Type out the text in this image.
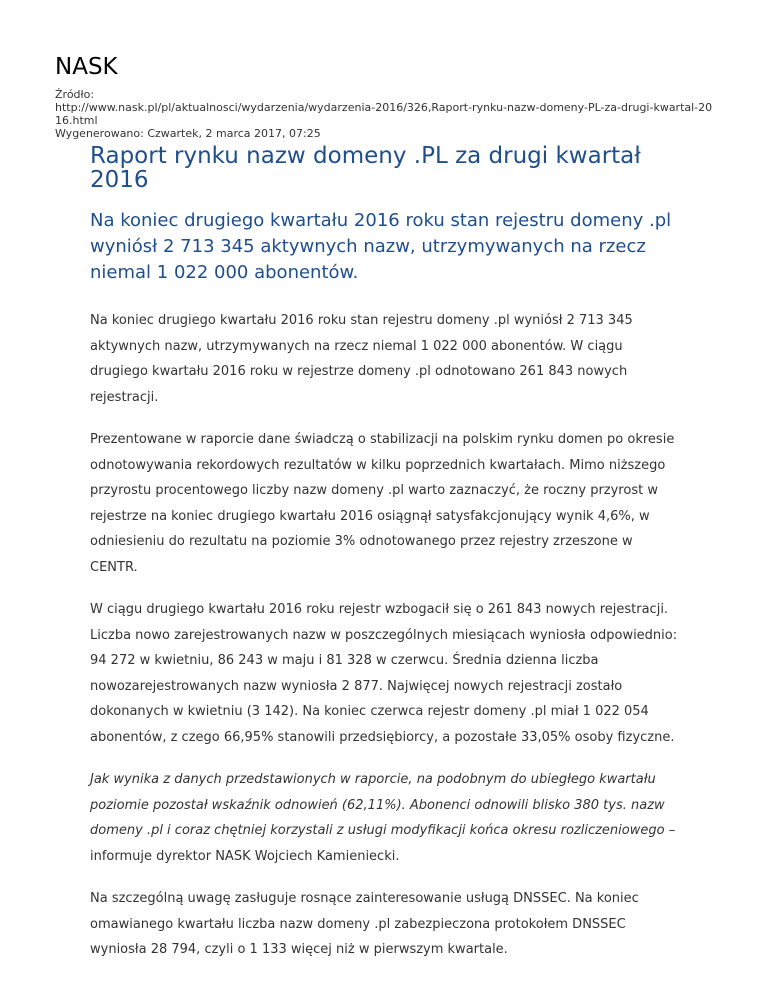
NASK
Źródło:
http://www.nask.pl/pl/aktualnosci/wydarzenia/wydarzenia-2016/326,Raport-rynku-nazw-domeny-PL-za-drugi-kwartal-2016.html
Wygenerowano: Czwartek, 2 marca 2017, 07:25
Raport rynku nazw domeny .PL za drugi kwartał 2016
Na koniec drugiego kwartału 2016 roku stan rejestru domeny .pl wyniósł 2 713 345 aktywnych nazw, utrzymywanych na rzecz niemal 1 022 000 abonentów.

Na koniec drugiego kwartału 2016 roku stan rejestru domeny .pl wyniósł 2 713 345 aktywnych nazw, utrzymywanych na rzecz niemal 1 022 000 abonentów. W ciągu drugiego kwartału 2016 roku w rejestrze domeny .pl odnotowano 261 843 nowych rejestracji.

Prezentowane w raporcie dane świadczą o stabilizacji na polskim rynku domen po okresie odnotowywania rekordowych rezultatów w kilku poprzednich kwartałach. Mimo niższego przyrostu procentowego liczby nazw domeny .pl warto zaznaczyć, że roczny przyrost w rejestrze na koniec drugiego kwartału 2016 osiągnął satysfakcjonujący wynik 4,6%, w odniesieniu do rezultatu na poziomie 3% odnotowanego przez rejestry zrzeszone w CENTR.

W ciągu drugiego kwartału 2016 roku rejestr wzbogacił się o 261 843 nowych rejestracji. Liczba nowo zarejestrowanych nazw w poszczególnych miesiącach wyniosła odpowiednio: 94 272 w kwietniu, 86 243 w maju i 81 328 w czerwcu. Średnia dzienna liczba nowozarejestrowanych nazw wyniosła 2 877. Najwięcej nowych rejestracji zostało dokonanych w kwietniu (3 142). Na koniec czerwca rejestr domeny .pl miał 1 022 054 abonentów, z czego 66,95% stanowili przedsiębiorcy, a pozostałe 33,05% osoby fizyczne.

Jak wynika z danych przedstawionych w raporcie, na podobnym do ubiegłego kwartału poziomie pozostał wskaźnik odnowień (62,11%). Abonenci odnowili blisko 380 tys. nazw domeny .pl i coraz chętniej korzystali z usługi modyfikacji końca okresu rozliczeniowego – informuje dyrektor NASK Wojciech Kamieniecki.

Na szczególną uwagę zasługuje rosnące zainteresowanie usługą DNSSEC. Na koniec omawianego kwartału liczba nazw domeny .pl zabezpieczona protokołem DNSSEC wyniosła 28 794, czyli o 1 133 więcej niż w pierwszym kwartale.
